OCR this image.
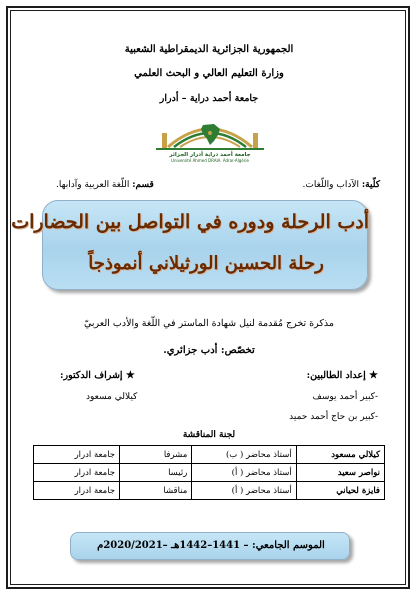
الجمهورية الجزائرية الديمقراطية الشعبية
وزارة التعليم العالي و البحث العلمي
جامعة أحمد دراية – أدرار
جامعة أحمد دراية أدرار الجزائر
Université Ahmed DRAIA. Adrar-Algérie
كلّية: الآداب واللّغات.
قسم: اللّغة العربية وآدابها.
أدب الرحلة ودوره في التواصل بين الحضارات
رحلة الحسين الورثيلاني أنموذجاً
مذكرة تخرج مُقدمة لنيل شهادة الماستر في اللّغة والأدب العربيّ
تخصّص: أدب جزائري.
★ إعداد الطالبين:
-كبير أحمد يوسف
-كبير بن حاج أحمد حميد
★ إشراف الدكتور:
كيلالي مسعود
لجنة المناقشة
كيلالي مسعود	أستاذ محاضر ( ب)	مشرفا	جامعة ادرار
نواصر سعيد	أستاذ محاضر ( أ)	رئيسا	جامعة ادرار
فايزة لحياني	أستاذ محاضر ( أ)	مناقشا	جامعة ادرار
الموسم الجامعي: – 1441–1442هـ –2020/2021م
